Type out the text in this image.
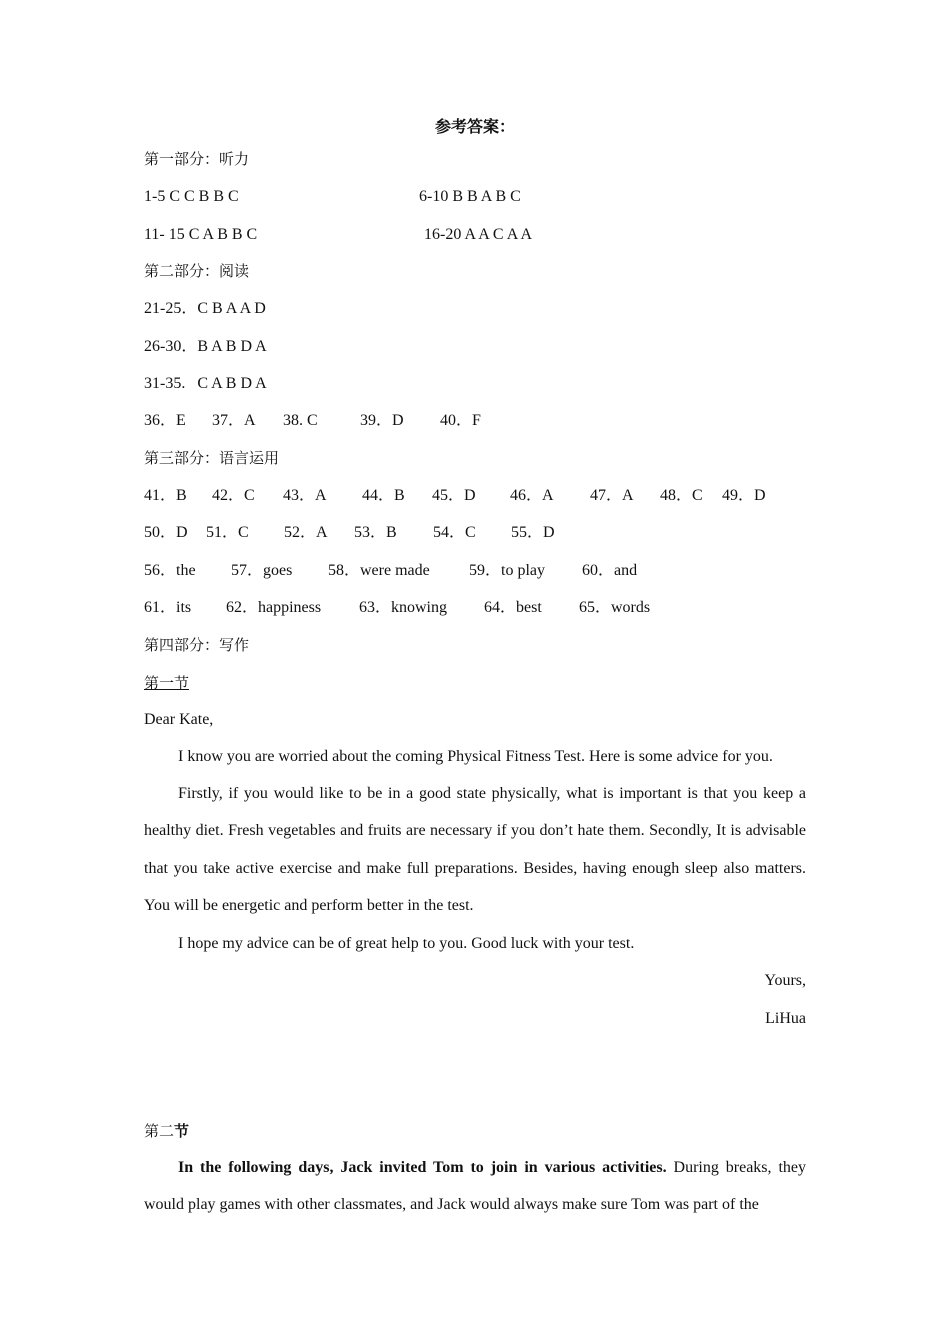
参考答案：
第一部分：听力

1-5 C C B B C

	6-10 B B A B C

11- 15 C A B B C

	16-20 A A C A A

第二部分：阅读
21-25．C B A A D
26-30．B A B D A
31-35.   C A B D A

36．E

37．A

38. C

	39．D

40．F

第三部分：语言运用

41．B

42．C

43．A

44．B

45．D

46．A

47．A

48．C

49．D

50．D

51．C

52．A

53．B

54．C

55．D

56．the

57．goes

58．were made

59．to play

60．and

61．its

62．happiness

63．knowing

64．best

65．words

第四部分：写作
第一节
Dear Kate,
I know you are worried about the coming Physical Fitness Test. Here is some advice for you.
Firstly, if you would like to be in a good state physically, what is important is that you keep a healthy diet. Fresh vegetables and fruits are necessary if you don’t hate them. Secondly, It is advisable that you take active exercise and make full preparations. Besides, having enough sleep also matters. You will be energetic and perform better in the test.
I hope my advice can be of great help to you. Good luck with your test.
Yours,
LiHua
第二节
In the following days, Jack invited Tom to join in various activities. During breaks, they would play games with other classmates, and Jack would always make sure Tom was part of the
